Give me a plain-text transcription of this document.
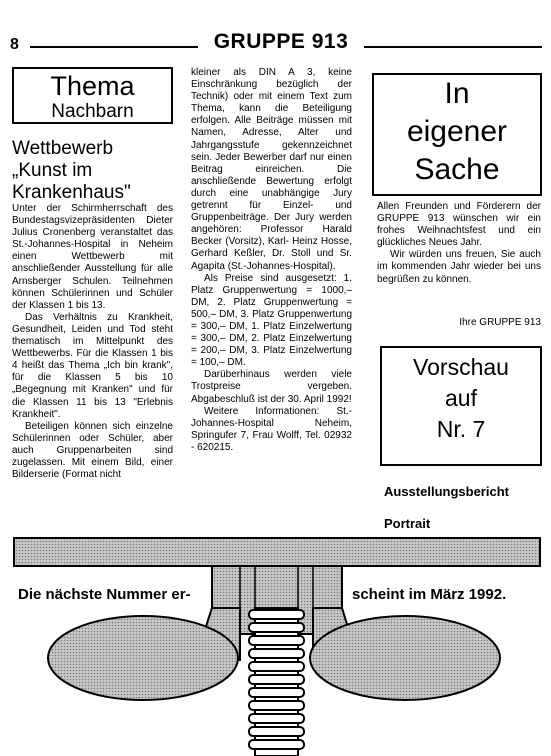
8	GRUPPE 913
Thema
Nachbarn
Wettbewerb
„Kunst im
Krankenhaus"

Unter der Schirmherrschaft des Bundestagsvizepräsidenten Dieter Julius Cronenberg veranstaltet das St.-Johannes-Hospital in Neheim einen Wettbewerb mit anschließender Ausstellung für alle Arnsberger Schulen. Teilnehmen können Schülerinnen und Schüler der Klassen 1 bis 13.

Das Verhältnis zu Krankheit, Gesundheit, Leiden und Tod steht thematisch im Mittelpunkt des Wettbewerbs. Für die Klassen 1 bis 4 heißt das Thema „Ich bin krank", für die Klassen 5 bis 10 „Begegnung mit Kranken" und für die Klassen 11 bis 13 "Erlebnis Krankheit".

Beteiligen können sich einzelne Schülerinnen oder Schüler, aber auch Gruppenarbeiten sind zugelassen. Mit einem Bild, einer Bilderserie (Format nicht

kleiner als DIN A 3, keine Einschränkung bezüglich der Technik) oder mit einem Text zum Thema, kann die Beteiligung erfolgen. Alle Beiträge müssen mit Namen, Adresse, Alter und Jahrgangsstufe gekennzeichnet sein. Jeder Bewerber darf nur einen Beitrag einreichen. Die anschließende Bewertung erfolgt durch eine unabhängige Jury getrennt für Einzel- und Gruppenbeiträge. Der Jury werden angehören: Professor Harald Becker (Vorsitz), Karl- Heinz Hosse, Gerhard Keßler, Dr. Stoll und Sr. Agapita (St.-Johannes-Hospital).

Als Preise sind ausgesetzt: 1. Platz Gruppenwertung = 1000,– DM, 2. Platz Gruppenwertung = 500,– DM, 3. Platz Gruppenwertung = 300,– DM, 1. Platz Einzelwertung = 300,– DM, 2. Platz Einzelwertung = 200,– DM, 3. Platz Einzelwertung = 100,– DM.

Darüberhinaus werden viele Trostpreise vergeben. Abgabeschluß ist der 30. April 1992!

Weitere Informationen: St.-Johannes-Hospital Neheim, Springufer 7, Frau Wolff, Tel. 02932 - 620215.

In
eigener
Sache

Allen Freunden und Förderern der GRUPPE 913 wünschen wir ein frohes Weihnachtsfest und ein glückliches Neues Jahr.

Wir würden uns freuen, Sie auch im kommenden Jahr wieder bei uns begrüßen zu können.

Ihre GRUPPE 913
Vorschau
auf
Nr. 7
Ausstellungsbericht
Portrait
Die nächste Nummer er-	scheint im März 1992.
